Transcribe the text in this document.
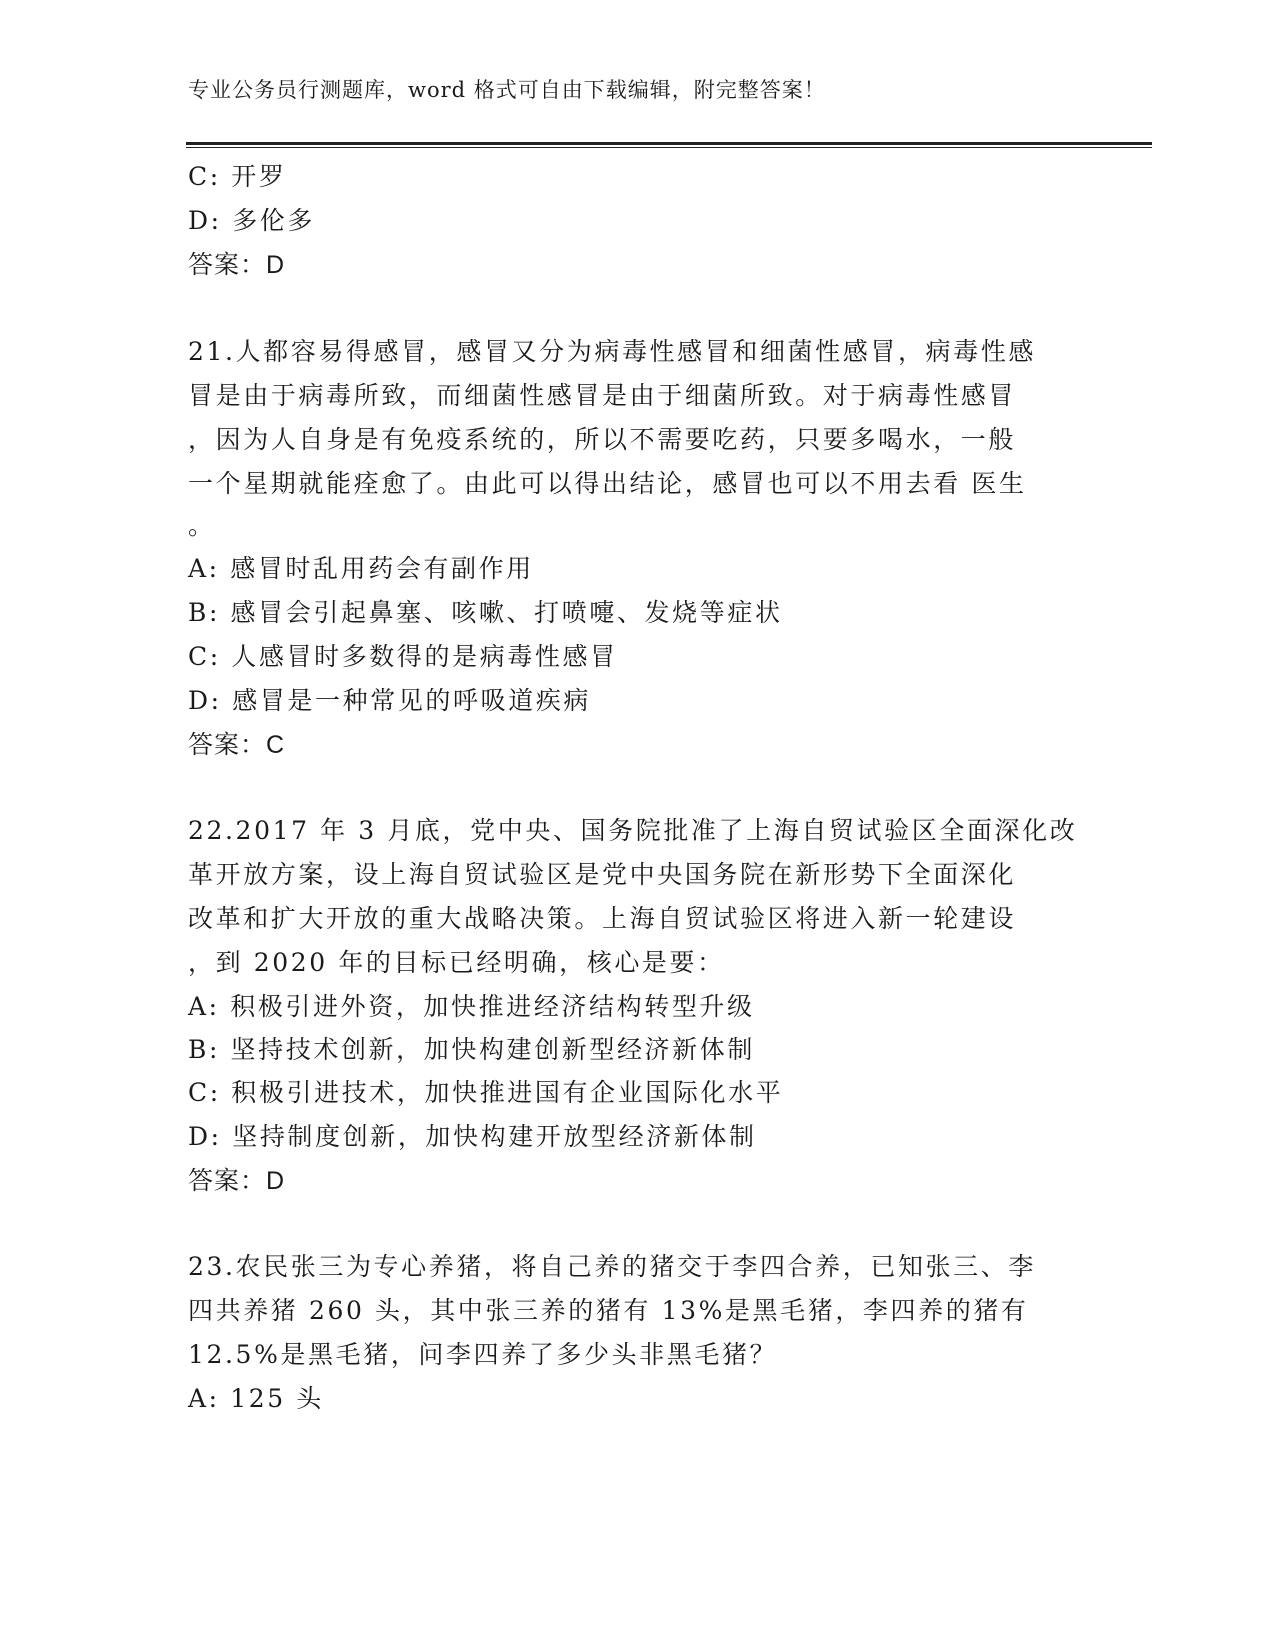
专业公务员行测题库，word 格式可自由下载编辑，附完整答案！
C: 开罗
D: 多伦多
答案：D
21.人都容易得感冒，感冒又分为病毒性感冒和细菌性感冒，病毒性感
冒是由于病毒所致，而细菌性感冒是由于细菌所致。对于病毒性感冒
，因为人自身是有免疫系统的，所以不需要吃药，只要多喝水，一般
一个星期就能痊愈了。由此可以得出结论，感冒也可以不用去看 医生
。
A: 感冒时乱用药会有副作用
B: 感冒会引起鼻塞、咳嗽、打喷嚏、发烧等症状
C: 人感冒时多数得的是病毒性感冒
D: 感冒是一种常见的呼吸道疾病
答案：C
22.2017 年 3 月底，党中央、国务院批准了上海自贸试验区全面深化改
革开放方案，设上海自贸试验区是党中央国务院在新形势下全面深化
改革和扩大开放的重大战略决策。上海自贸试验区将进入新一轮建设
，到 2020 年的目标已经明确，核心是要：
A: 积极引进外资，加快推进经济结构转型升级
B: 坚持技术创新，加快构建创新型经济新体制
C: 积极引进技术，加快推进国有企业国际化水平
D: 坚持制度创新，加快构建开放型经济新体制
答案：D
23.农民张三为专心养猪，将自己养的猪交于李四合养，已知张三、李
四共养猪 260 头，其中张三养的猪有 13%是黑毛猪，李四养的猪有
12.5%是黑毛猪，问李四养了多少头非黑毛猪？
A: 125 头
